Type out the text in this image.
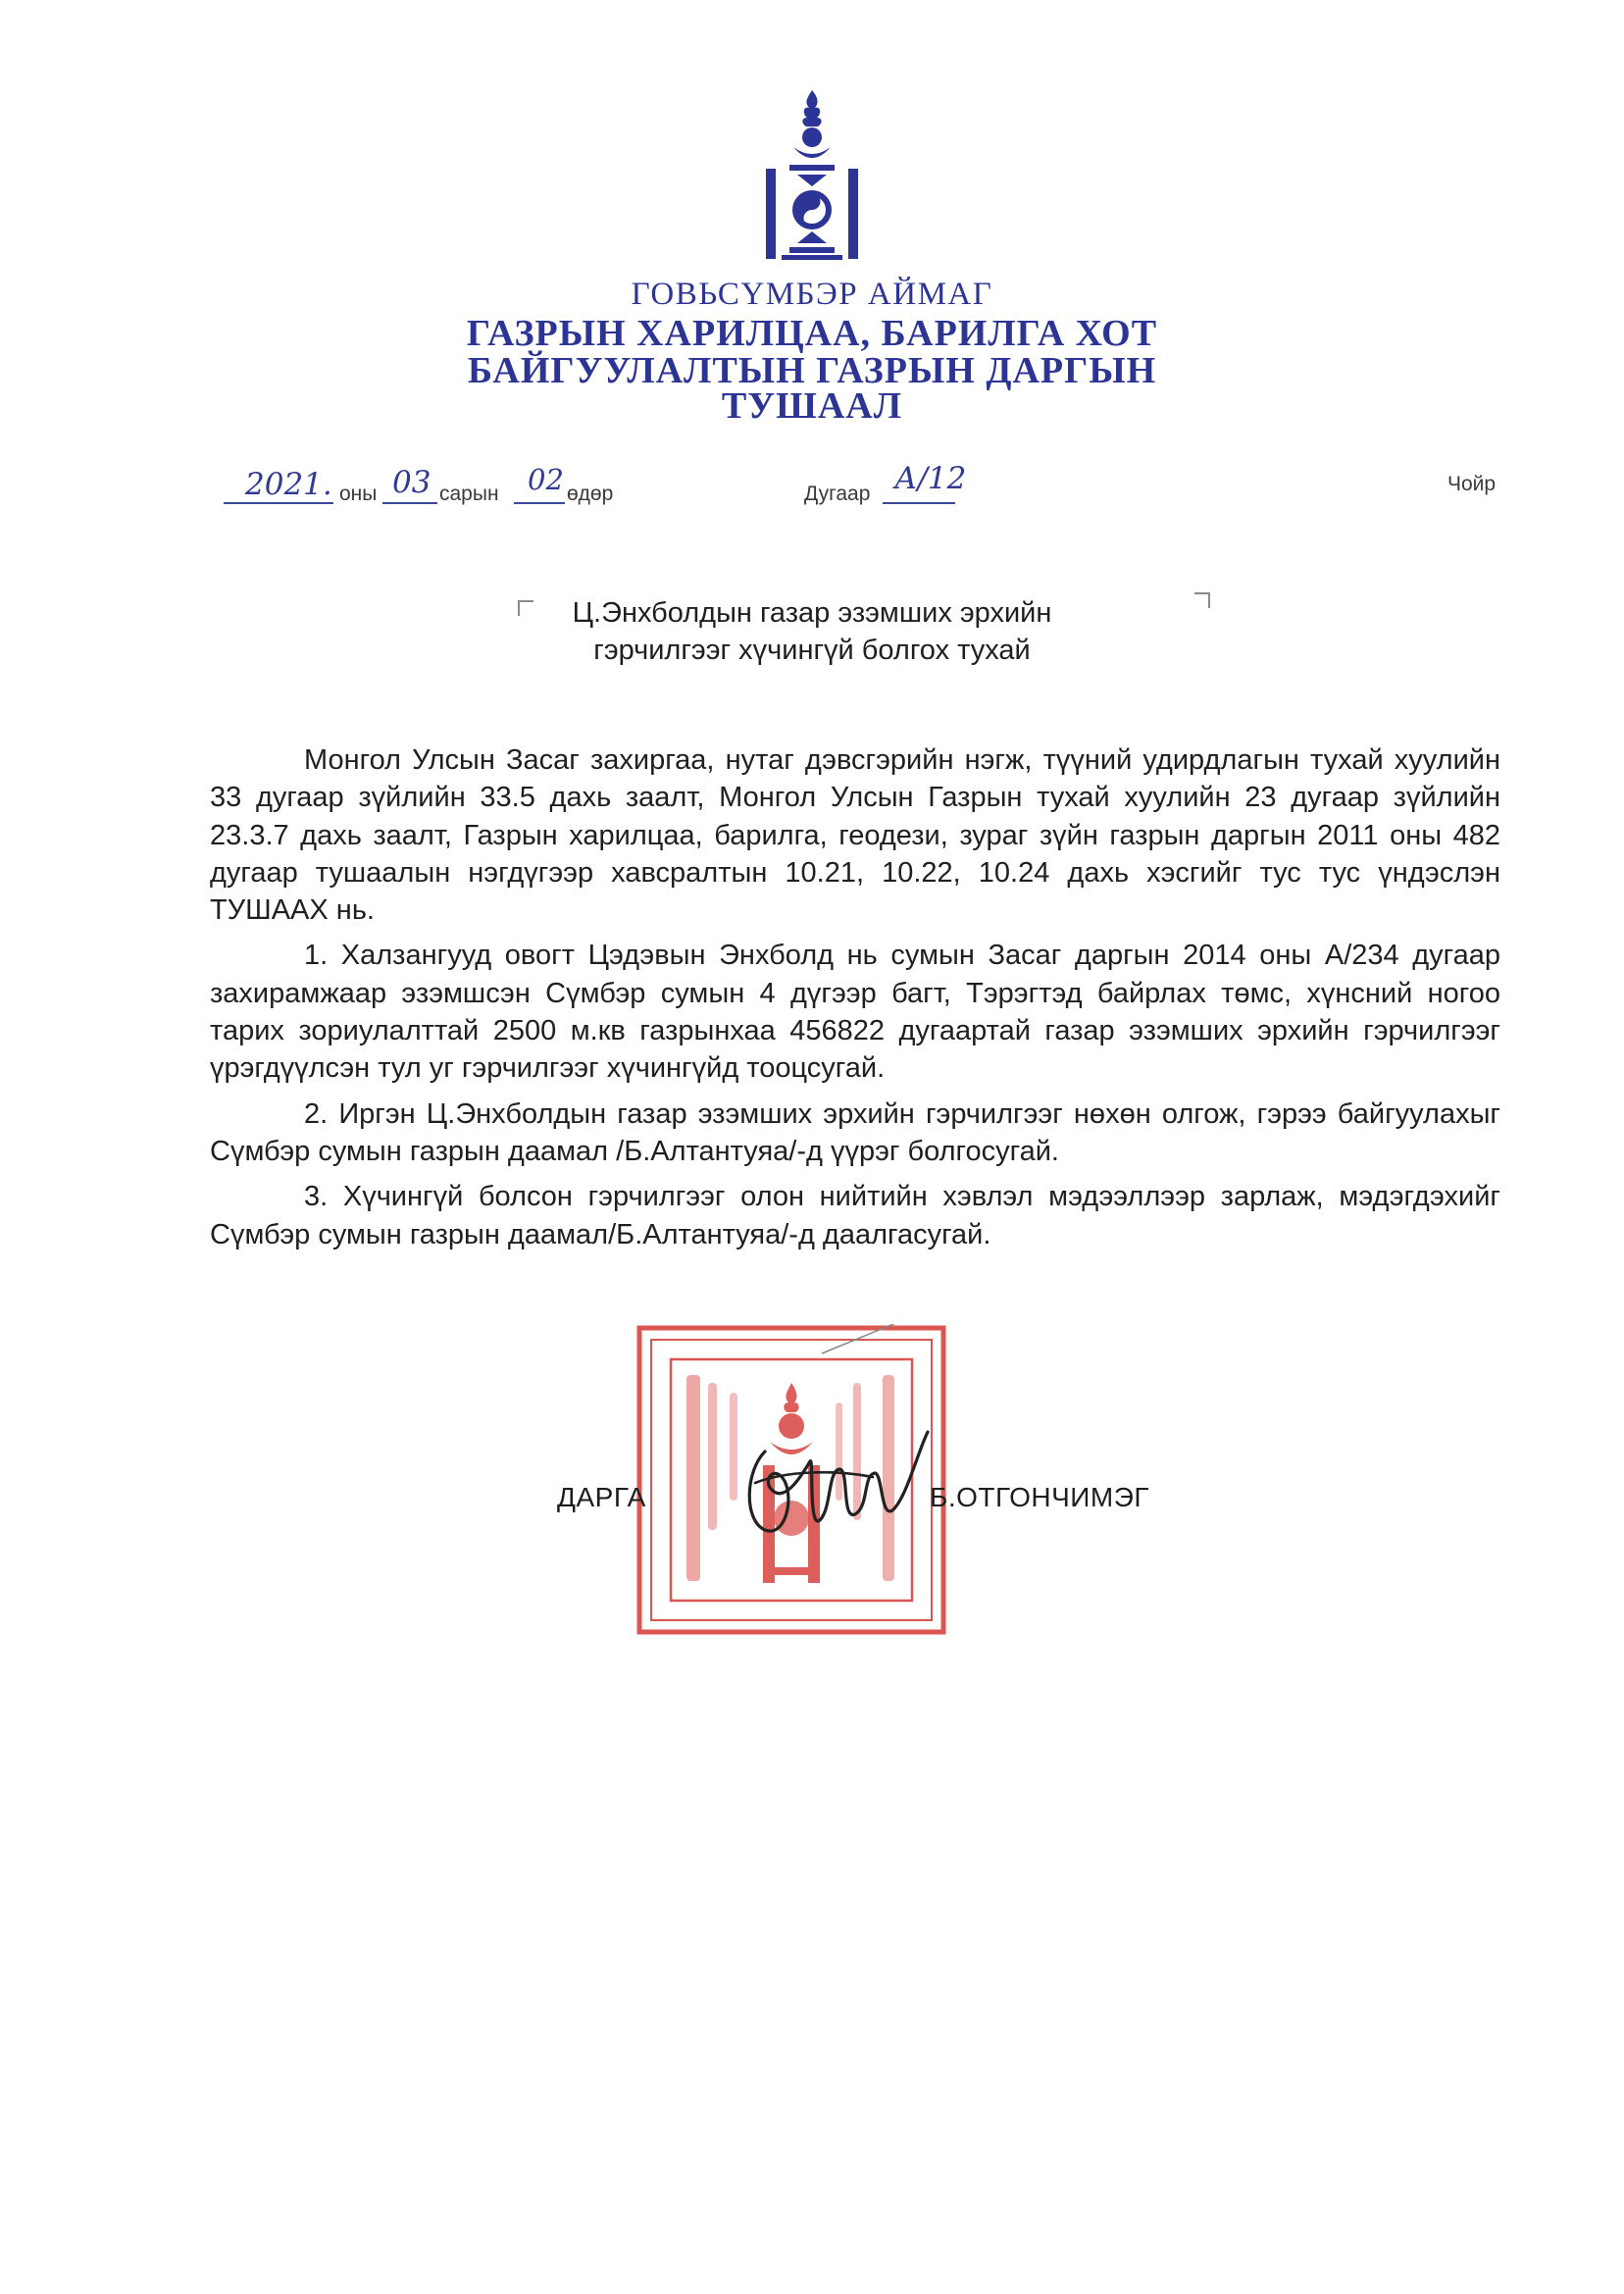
ГОВЬСҮМБЭР АЙМАГ
ГАЗРЫН ХАРИЛЦАА, БАРИЛГА ХОТ
БАЙГУУЛАЛТЫН ГАЗРЫН ДАРГЫН
ТУШААЛ
2021. оны 03 сарын 02 өдөр	Дугаар А/12	Чойр
Ц.Энхболдын газар эзэмших эрхийн
гэрчилгээг хүчингүй болгох тухай

Монгол Улсын Засаг захиргаа, нутаг дэвсгэрийн нэгж, түүний удирдлагын тухай хуулийн 33 дугаар зүйлийн 33.5 дахь заалт, Монгол Улсын Газрын тухай хуулийн 23 дугаар зүйлийн 23.3.7 дахь заалт, Газрын харилцаа, барилга, геодези, зураг зүйн газрын даргын 2011 оны 482 дугаар тушаалын нэгдүгээр хавсралтын 10.21, 10.22, 10.24 дахь хэсгийг тус тус үндэслэн ТУШААХ нь.

1. Халзангууд овогт Цэдэвын Энхболд нь сумын Засаг даргын 2014 оны А/234 дугаар захирамжаар эзэмшсэн Сүмбэр сумын 4 дүгээр багт, Тэрэгтэд байрлах төмс, хүнсний ногоо тарих зориулалттай 2500 м.кв газрынхаа 456822 дугаартай газар эзэмших эрхийн гэрчилгээг үрэгдүүлсэн тул уг гэрчилгээг хүчингүйд тооцсугай.

2. Иргэн Ц.Энхболдын газар эзэмших эрхийн гэрчилгээг нөхөн олгож, гэрээ байгуулахыг Сүмбэр сумын газрын даамал /Б.Алтантуяа/-д үүрэг болгосугай.

3. Хүчингүй болсон гэрчилгээг олон нийтийн хэвлэл мэдээллээр зарлаж, мэдэгдэхийг Сүмбэр сумын газрын даамал/Б.Алтантуяа/-д даалгасугай.

ДАРГА	Б.ОТГОНЧИМЭГ
